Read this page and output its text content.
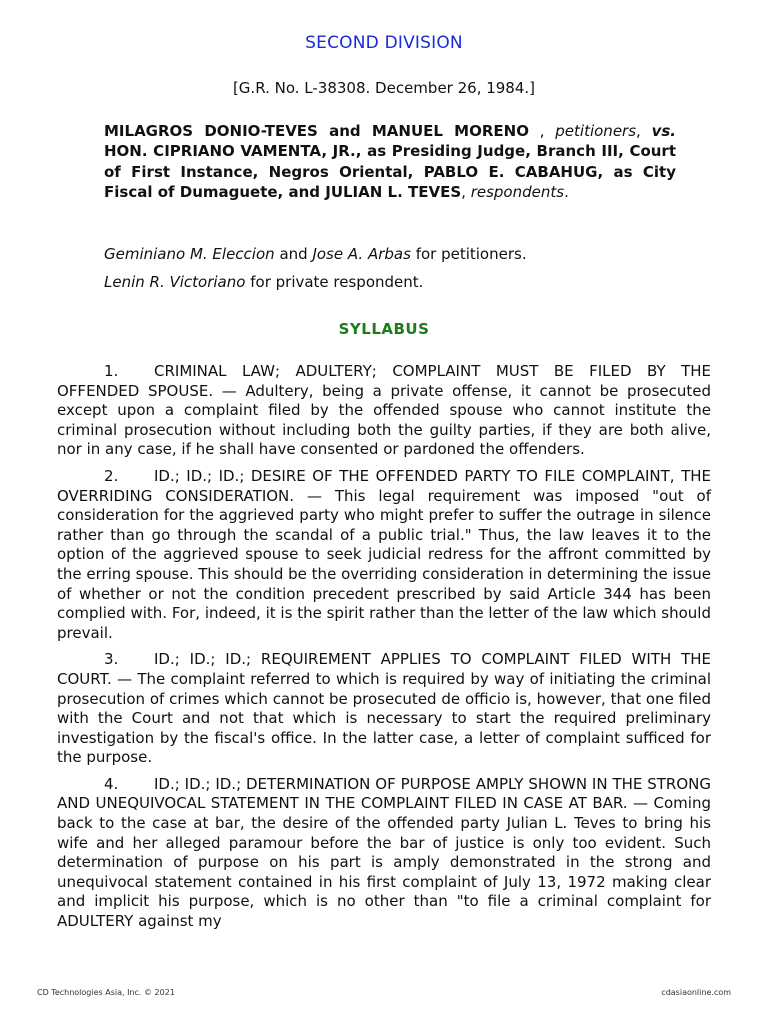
SECOND DIVISION
[G.R. No. L-38308. December 26, 1984.]
MILAGROS DONIO-TEVES and MANUEL MORENO , petitioners, vs. HON. CIPRIANO VAMENTA, JR., as Presiding Judge, Branch III, Court of First Instance, Negros Oriental, PABLO E. CABAHUG, as City Fiscal of Dumaguete, and JULIAN L. TEVES, respondents.
Geminiano M. Eleccion and Jose A. Arbas for petitioners.
Lenin R. Victoriano for private respondent.
SYLLABUS

1. CRIMINAL LAW; ADULTERY; COMPLAINT MUST BE FILED BY THE OFFENDED SPOUSE. — Adultery, being a private offense, it cannot be prosecuted except upon a complaint filed by the offended spouse who cannot institute the criminal prosecution without including both the guilty parties, if they are both alive, nor in any case, if he shall have consented or pardoned the offenders.

2. ID.; ID.; ID.; DESIRE OF THE OFFENDED PARTY TO FILE COMPLAINT, THE OVERRIDING CONSIDERATION. — This legal requirement was imposed "out of consideration for the aggrieved party who might prefer to suffer the outrage in silence rather than go through the scandal of a public trial." Thus, the law leaves it to the option of the aggrieved spouse to seek judicial redress for the affront committed by the erring spouse. This should be the overriding consideration in determining the issue of whether or not the condition precedent prescribed by said Article 344 has been complied with. For, indeed, it is the spirit rather than the letter of the law which should prevail.

3. ID.; ID.; ID.; REQUIREMENT APPLIES TO COMPLAINT FILED WITH THE COURT. — The complaint referred to which is required by way of initiating the criminal prosecution of crimes which cannot be prosecuted de officio is, however, that one filed with the Court and not that which is necessary to start the required preliminary investigation by the fiscal's office. In the latter case, a letter of complaint sufficed for the purpose.

4. ID.; ID.; ID.; DETERMINATION OF PURPOSE AMPLY SHOWN IN THE STRONG AND UNEQUIVOCAL STATEMENT IN THE COMPLAINT FILED IN CASE AT BAR. — Coming back to the case at bar, the desire of the offended party Julian L. Teves to bring his wife and her alleged paramour before the bar of justice is only too evident. Such determination of purpose on his part is amply demonstrated in the strong and unequivocal statement contained in his first complaint of July 13, 1972 making clear and implicit his purpose, which is no other than "to file a criminal complaint for ADULTERY against my

CD Technologies Asia, Inc. © 2021	cdasiaonline.com
